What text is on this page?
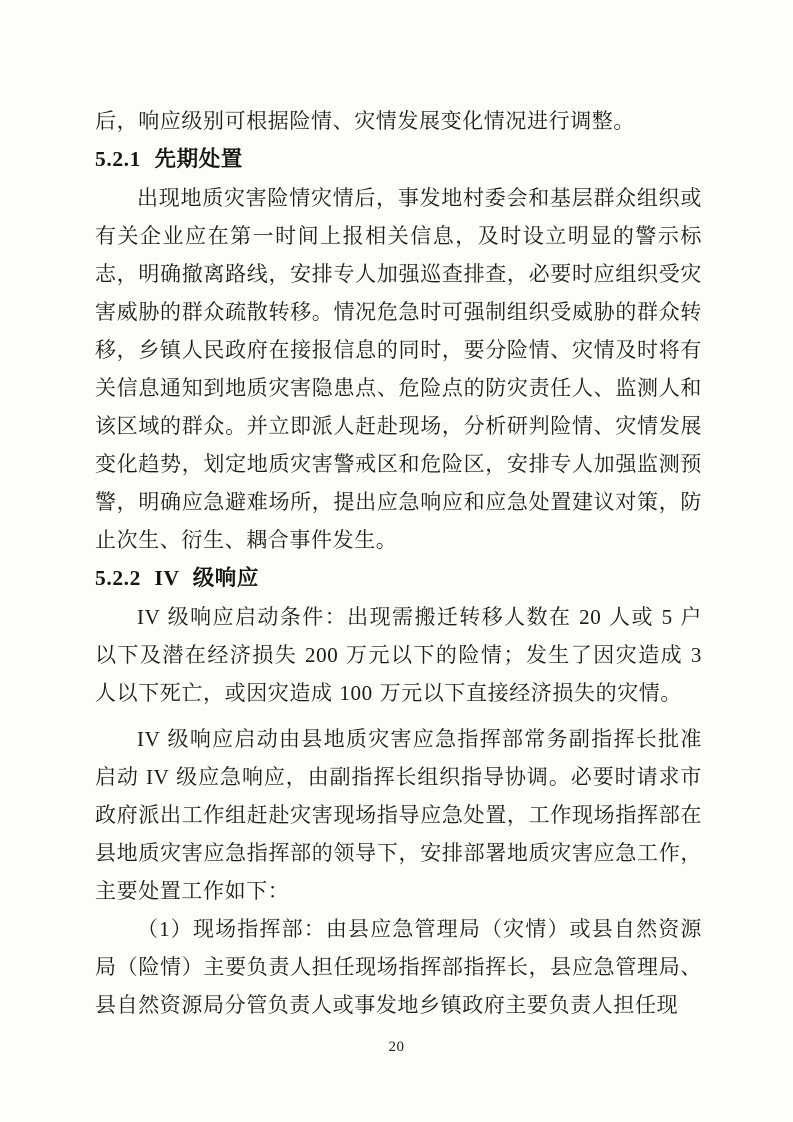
后，响应级别可根据险情、灾情发展变化情况进行调整。

5.2.1 先期处置

出现地质灾害险情灾情后，事发地村委会和基层群众组织或有关企业应在第一时间上报相关信息，及时设立明显的警示标志，明确撤离路线，安排专人加强巡查排查，必要时应组织受灾害威胁的群众疏散转移。情况危急时可强制组织受威胁的群众转移，乡镇人民政府在接报信息的同时，要分险情、灾情及时将有关信息通知到地质灾害隐患点、危险点的防灾责任人、监测人和该区域的群众。并立即派人赶赴现场，分析研判险情、灾情发展变化趋势，划定地质灾害警戒区和危险区，安排专人加强监测预警，明确应急避难场所，提出应急响应和应急处置建议对策，防止次生、衍生、耦合事件发生。

5.2.2 IV 级响应

IV 级响应启动条件：出现需搬迁转移人数在 20 人或 5 户以下及潜在经济损失 200 万元以下的险情；发生了因灾造成 3 人以下死亡，或因灾造成 100 万元以下直接经济损失的灾情。

IV 级响应启动由县地质灾害应急指挥部常务副指挥长批准启动 IV 级应急响应，由副指挥长组织指导协调。必要时请求市政府派出工作组赶赴灾害现场指导应急处置，工作现场指挥部在县地质灾害应急指挥部的领导下，安排部署地质灾害应急工作，主要处置工作如下：

（1）现场指挥部：由县应急管理局（灾情）或县自然资源局（险情）主要负责人担任现场指挥部指挥长，县应急管理局、县自然资源局分管负责人或事发地乡镇政府主要负责人担任现

20
